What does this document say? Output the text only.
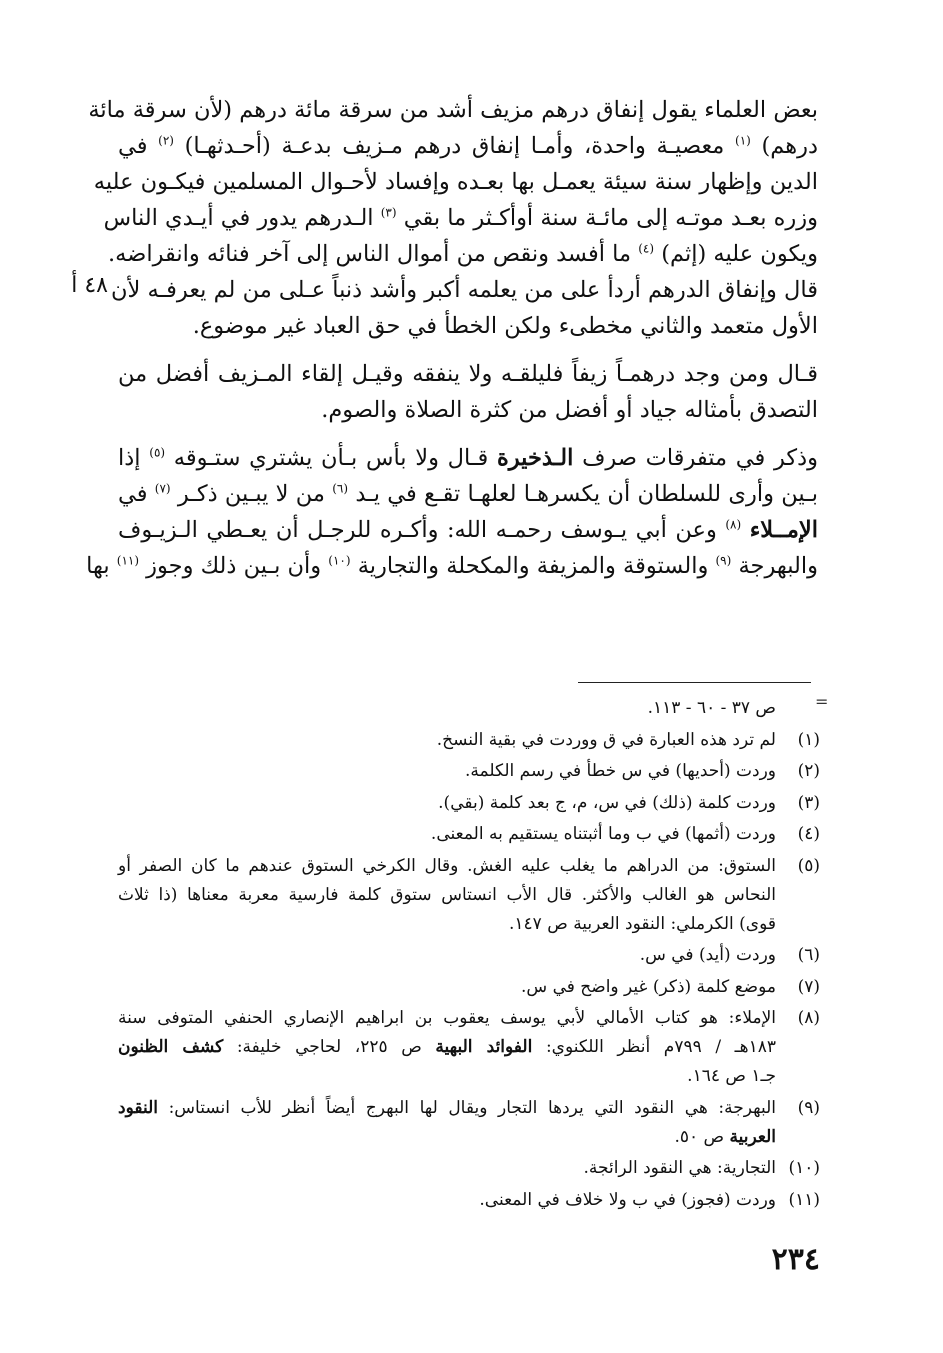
بعض العلماء يقول إنفاق درهم مزيف أشد من سرقة مائة درهم (لأن سرقة مائة
درهم) $^{(١)}$ معصيـة واحدة، وأمـا إنفاق درهم مـزيف بدعـة (أحـدثهـا) $^{(٢)}$ في
الدين وإظهار سنة سيئة يعمـل بها بعـده وإفساد لأحـوال المسلمين فيكـون عليه
وزره بعـد موتـه إلى مائـة سنة أوأكـثر ما بقي $^{(٣)}$ الـدرهم يدور في أيـدي الناس
ويكون عليه (إثم) $^{(٤)}$ ما أفسد ونقص من أموال الناس إلى آخر فنائه وانقراضه.
قال وإنفاق الدرهم أردأ على من يعلمه أكبر وأشد ذنباً عـلى من لم يعرفـه لأن
الأول متعمد والثاني مخطىء ولكن الخطأ في حق العباد غير موضوع.
قـال ومن وجد درهمـاً زيفاً فليلقـه ولا ينفقه وقيـل إلقاء المـزيف أفضل من
التصدق بأمثاله جياد أو أفضل من كثرة الصلاة والصوم.
وذكر في متفرقات صرف الـذخيرة قـال ولا بأس بـأن يشتري ستـوقه $^{(٥)}$ إذا
بـين وأرى للسلطان أن يكسرهـا لعلهـا تقـع في يـد $^{(٦)}$ من لا يبـين ذكـر $^{(٧)}$ في
الإمــلاء $^{(٨)}$ وعن أبي يـوسف رحمـه الله: وأكـره للرجـل أن يعـطي الـزيـوف
والبهرجة $^{(٩)}$ والستوقة والمزيفة والمكحلة والتجارية $^{(١٠)}$ وأن بـين ذلك وجوز $^{(١١)}$ بها
٤٨ أ
=
ص ٣٧ - ٦٠ - ١١٣.
(١)
لم ترد هذه العبارة في ق ووردت في بقية النسخ.
(٢)
وردت (أحديها) في س خطأ في رسم الكلمة.
(٣)
وردت كلمة (ذلك) في س، م، ج بعد كلمة (بقي).
(٤)
وردت (أثمها) في ب وما أثبتناه يستقيم به المعنى.
(٥)
الستوق: من الدراهم ما يغلب عليه الغش. وقال الكرخي الستوق عندهم ما كان الصفر أو
النحاس هو الغالب والأكثر. قال الأب انستاس ستوق كلمة فارسية معربة معناها (ذا ثلاث
قوى) الكرملي: النقود العربية ص ١٤٧.
(٦)
وردت (أيد) في س.
(٧)
موضع كلمة (ذكر) غير واضح في س.
(٨)
الإملاء: هو كتاب الأمالي لأبي يوسف يعقوب بن ابراهيم الإنصاري الحنفي المتوفى سنة
١٨٣هـ / ٧٩٩م أنظر اللكنوي: الفوائد البهية ص ٢٢٥، لحاجي خليفة: كشف الظنون
جـ١ ص ١٦٤.
(٩)
البهرجة: هي النقود التي يردها التجار ويقال لها البهرج أيضاً أنظر للأب انستاس: النقود
العربية ص ٥٠.
(١٠)
التجارية: هي النقود الرائجة.
(١١)
وردت (فجوز) في ب ولا خلاف في المعنى.
٢٣٤
